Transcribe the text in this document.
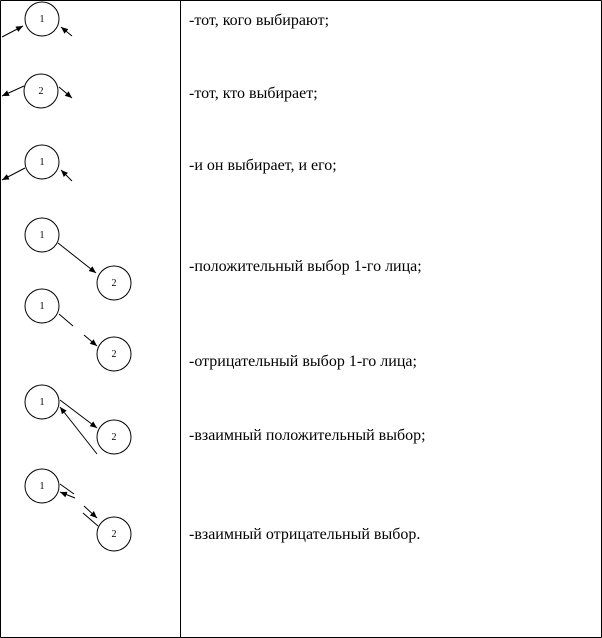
1
2
1
1
2
1
2
1
2
1
2
-тот, кого выбирают;
-тот, кто выбирает;
-и он выбирает, и его;
-положительный выбор 1-го лица;
-отрицательный выбор 1-го лица;
-взаимный положительный выбор;
-взаимный отрицательный выбор.
